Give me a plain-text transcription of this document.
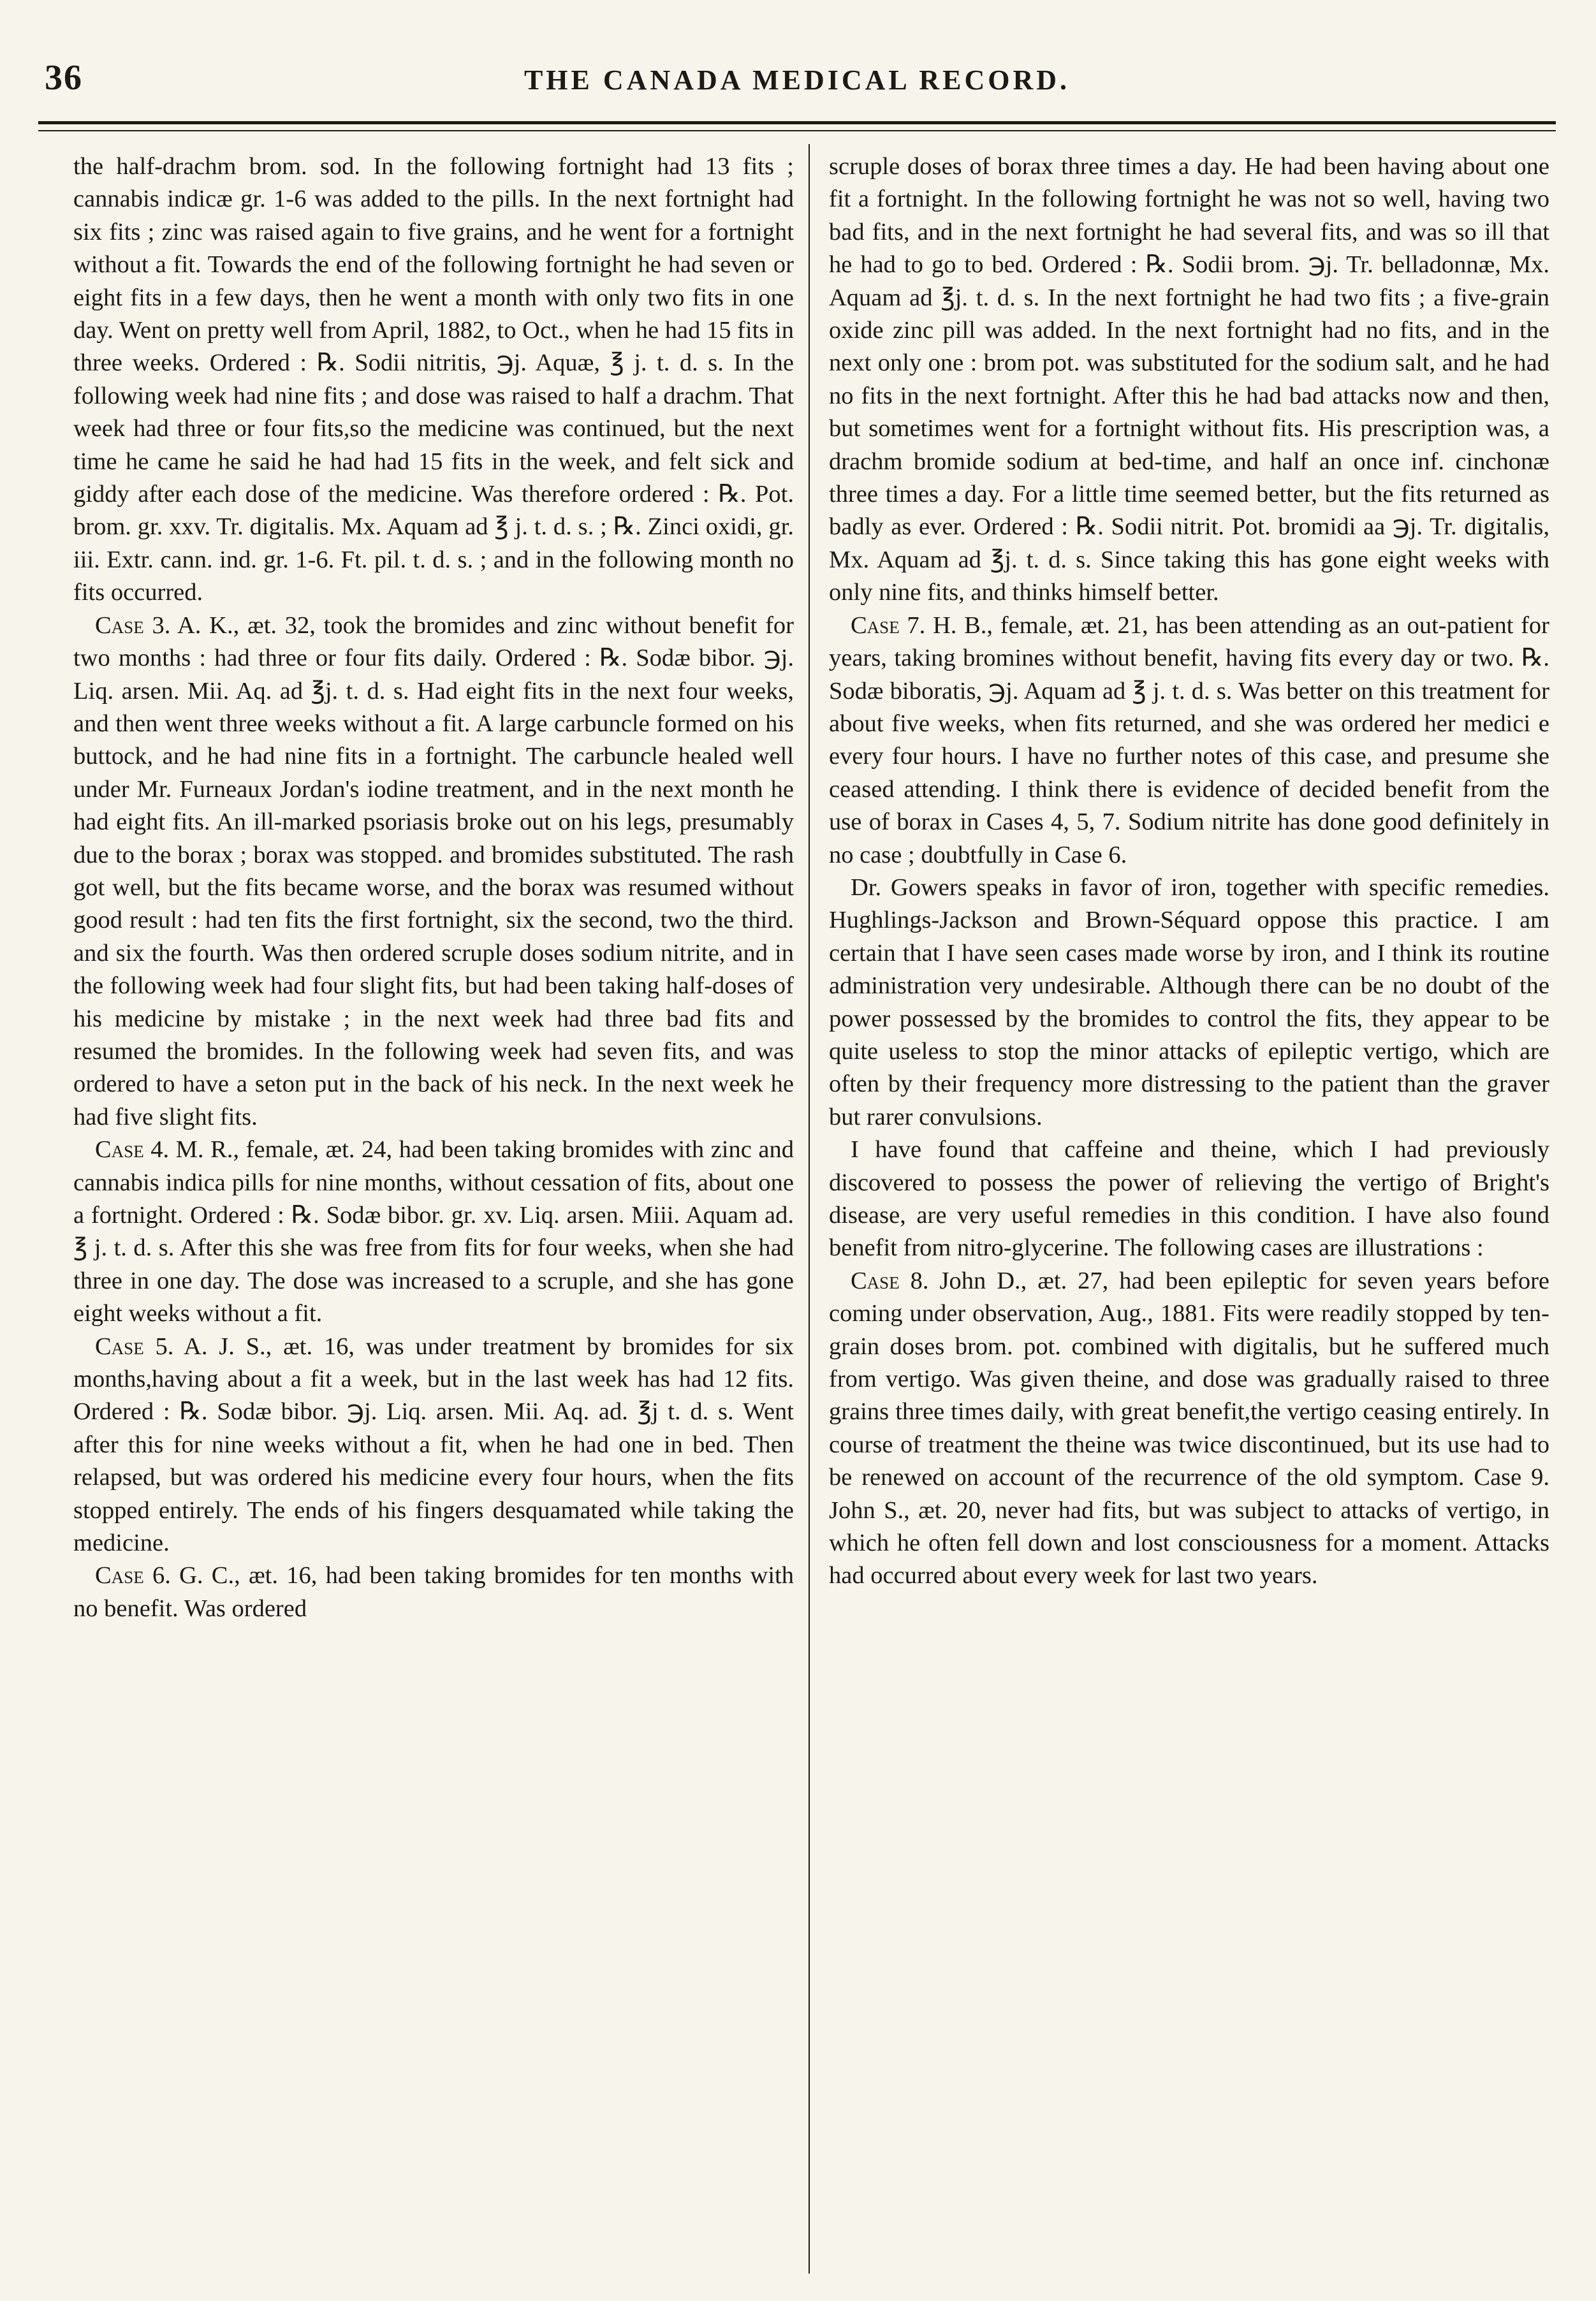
36	THE CANADA MEDICAL RECORD.

the half-drachm brom. sod. In the following fortnight had 13 fits ; cannabis indicæ gr. 1-6 was added to the pills. In the next fortnight had six fits ; zinc was raised again to five grains, and he went for a fortnight without a fit. Towards the end of the following fortnight he had seven or eight fits in a few days, then he went a month with only two fits in one day. Went on pretty well from April, 1882, to Oct., when he had 15 fits in three weeks. Ordered : ℞. Sodii nitritis, ℈j. Aquæ, ℥ j. t. d. s. In the following week had nine fits ; and dose was raised to half a drachm. That week had three or four fits,so the medicine was continued, but the next time he came he said he had had 15 fits in the week, and felt sick and giddy after each dose of the medicine. Was therefore ordered : ℞. Pot. brom. gr. xxv. Tr. digitalis. Mx. Aquam ad ℥ j. t. d. s. ; ℞. Zinci oxidi, gr. iii. Extr. cann. ind. gr. 1-6. Ft. pil. t. d. s. ; and in the following month no fits occurred.

Case 3. A. K., æt. 32, took the bromides and zinc without benefit for two months : had three or four fits daily. Ordered : ℞. Sodæ bibor. ℈j. Liq. arsen. Mii. Aq. ad ℥j. t. d. s. Had eight fits in the next four weeks, and then went three weeks without a fit. A large carbuncle formed on his buttock, and he had nine fits in a fortnight. The carbuncle healed well under Mr. Furneaux Jordan's iodine treatment, and in the next month he had eight fits. An ill-marked psoriasis broke out on his legs, presumably due to the borax ; borax was stopped. and bromides substituted. The rash got well, but the fits became worse, and the borax was resumed without good result : had ten fits the first fortnight, six the second, two the third. and six the fourth. Was then ordered scruple doses sodium nitrite, and in the following week had four slight fits, but had been taking half-doses of his medicine by mistake ; in the next week had three bad fits and resumed the bromides. In the following week had seven fits, and was ordered to have a seton put in the back of his neck. In the next week he had five slight fits.

Case 4. M. R., female, æt. 24, had been taking bromides with zinc and cannabis indica pills for nine months, without cessation of fits, about one a fortnight. Ordered : ℞. Sodæ bibor. gr. xv. Liq. arsen. Miii. Aquam ad. ℥ j. t. d. s. After this she was free from fits for four weeks, when she had three in one day. The dose was increased to a scruple, and she has gone eight weeks without a fit.

Case 5. A. J. S., æt. 16, was under treatment by bromides for six months,having about a fit a week, but in the last week has had 12 fits. Ordered : ℞. Sodæ bibor. ℈j. Liq. arsen. Mii. Aq. ad. ℥j t. d. s. Went after this for nine weeks without a fit, when he had one in bed. Then relapsed, but was ordered his medicine every four hours, when the fits stopped entirely. The ends of his fingers desquamated while taking the medicine.

Case 6. G. C., æt. 16, had been taking bromides for ten months with no benefit. Was ordered

scruple doses of borax three times a day. He had been having about one fit a fortnight. In the following fortnight he was not so well, having two bad fits, and in the next fortnight he had several fits, and was so ill that he had to go to bed. Ordered : ℞. Sodii brom. ℈j. Tr. belladonnæ, Mx. Aquam ad ℥j. t. d. s. In the next fortnight he had two fits ; a five-grain oxide zinc pill was added. In the next fortnight had no fits, and in the next only one : brom pot. was substituted for the sodium salt, and he had no fits in the next fortnight. After this he had bad attacks now and then, but sometimes went for a fortnight without fits. His prescription was, a drachm bromide sodium at bed-time, and half an once inf. cinchonæ three times a day. For a little time seemed better, but the fits returned as badly as ever. Ordered : ℞. Sodii nitrit. Pot. bromidi aa ℈j. Tr. digitalis, Mx. Aquam ad ℥j. t. d. s. Since taking this has gone eight weeks with only nine fits, and thinks himself better.

Case 7. H. B., female, æt. 21, has been attending as an out-patient for years, taking bromines without benefit, having fits every day or two. ℞. Sodæ biboratis, ℈j. Aquam ad ℥ j. t. d. s. Was better on this treatment for about five weeks, when fits returned, and she was ordered her medici e every four hours. I have no further notes of this case, and presume she ceased attending. I think there is evidence of decided benefit from the use of borax in Cases 4, 5, 7. Sodium nitrite has done good definitely in no case ; doubtfully in Case 6.

Dr. Gowers speaks in favor of iron, together with specific remedies. Hughlings-Jackson and Brown-Séquard oppose this practice. I am certain that I have seen cases made worse by iron, and I think its routine administration very undesirable. Although there can be no doubt of the power possessed by the bromides to control the fits, they appear to be quite useless to stop the minor attacks of epileptic vertigo, which are often by their frequency more distressing to the patient than the graver but rarer convulsions.

I have found that caffeine and theine, which I had previously discovered to possess the power of relieving the vertigo of Bright's disease, are very useful remedies in this condition. I have also found benefit from nitro-glycerine. The following cases are illustrations :

Case 8. John D., æt. 27, had been epileptic for seven years before coming under observation, Aug., 1881. Fits were readily stopped by ten-grain doses brom. pot. combined with digitalis, but he suffered much from vertigo. Was given theine, and dose was gradually raised to three grains three times daily, with great benefit,the vertigo ceasing entirely. In course of treatment the theine was twice discontinued, but its use had to be renewed on account of the recurrence of the old symptom. Case 9. John S., æt. 20, never had fits, but was subject to attacks of vertigo, in which he often fell down and lost consciousness for a moment. Attacks had occurred about every week for last two years.
